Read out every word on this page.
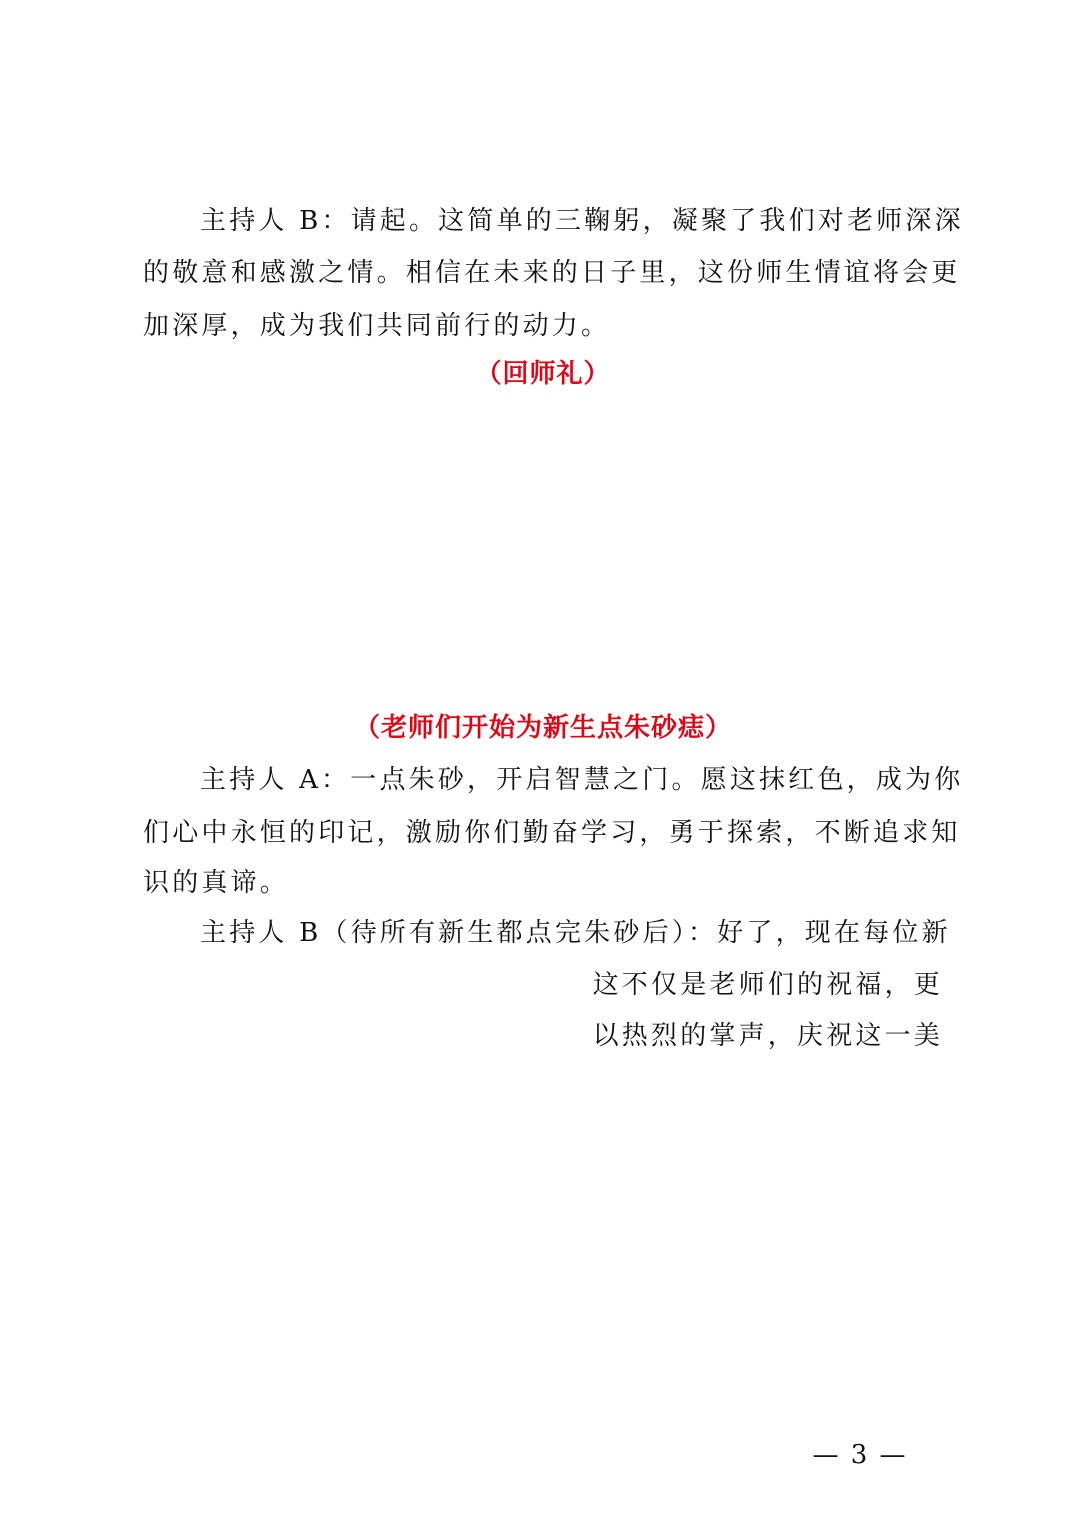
主持人 B：请起。这简单的三鞠躬，凝聚了我们对老师深深
的敬意和感激之情。相信在未来的日子里，这份师生情谊将会更
加深厚，成为我们共同前行的动力。
（回师礼）
（老师们开始为新生点朱砂痣）
主持人 A：一点朱砂，开启智慧之门。愿这抹红色，成为你
们心中永恒的印记，激励你们勤奋学习，勇于探索，不断追求知
识的真谛。
主持人 B（待所有新生都点完朱砂后）：好了，现在每位新
这不仅是老师们的祝福，更
以热烈的掌声，庆祝这一美
— 3 —
